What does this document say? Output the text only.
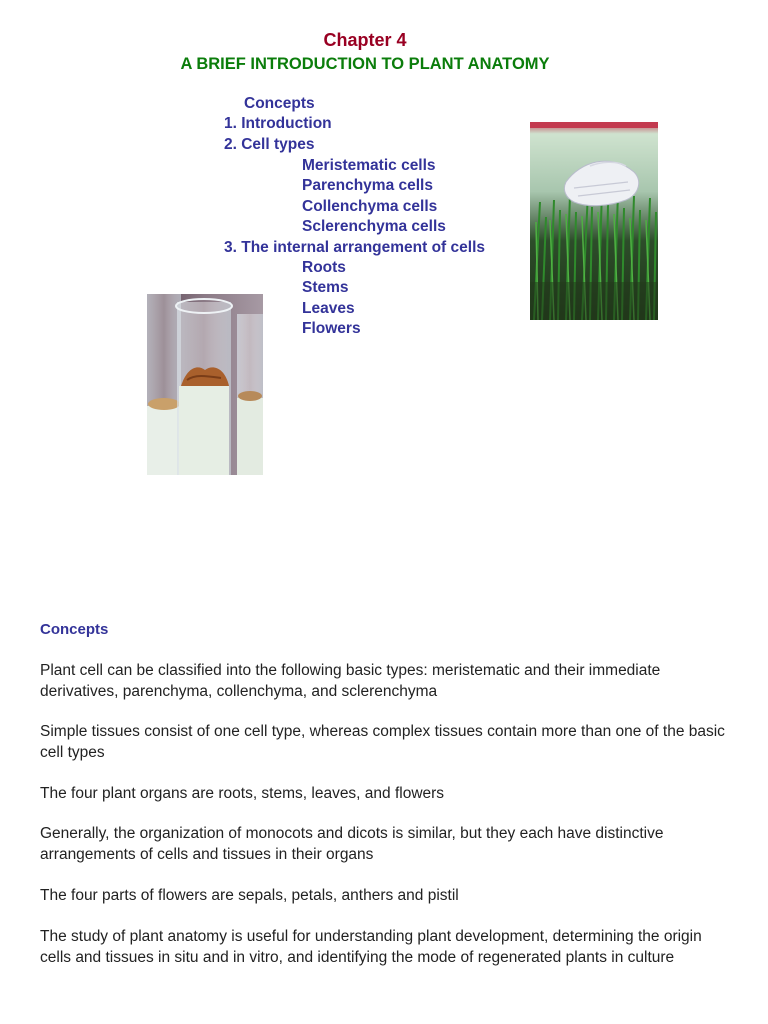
Chapter 4
A BRIEF INTRODUCTION TO PLANT ANATOMY
Concepts
1. Introduction
2. Cell types
Meristematic cells
Parenchyma cells
Collenchyma cells
Sclerenchyma cells
3. The internal arrangement of cells
Roots
Stems
Leaves
Flowers
Concepts
Plant cell can be classified into the following basic types: meristematic and their immediate derivatives, parenchyma, collenchyma, and sclerenchyma
Simple tissues consist of one cell type, whereas complex tissues contain more than one of the basic cell types
The four plant organs are roots, stems, leaves, and flowers
Generally, the organization of monocots and dicots is similar, but they each have distinctive arrangements of cells and tissues in their organs
The four parts of flowers are sepals, petals, anthers and pistil
The study of plant anatomy is useful for understanding plant development, determining the origin cells and tissues in situ and in vitro, and identifying the mode of regenerated plants in culture
